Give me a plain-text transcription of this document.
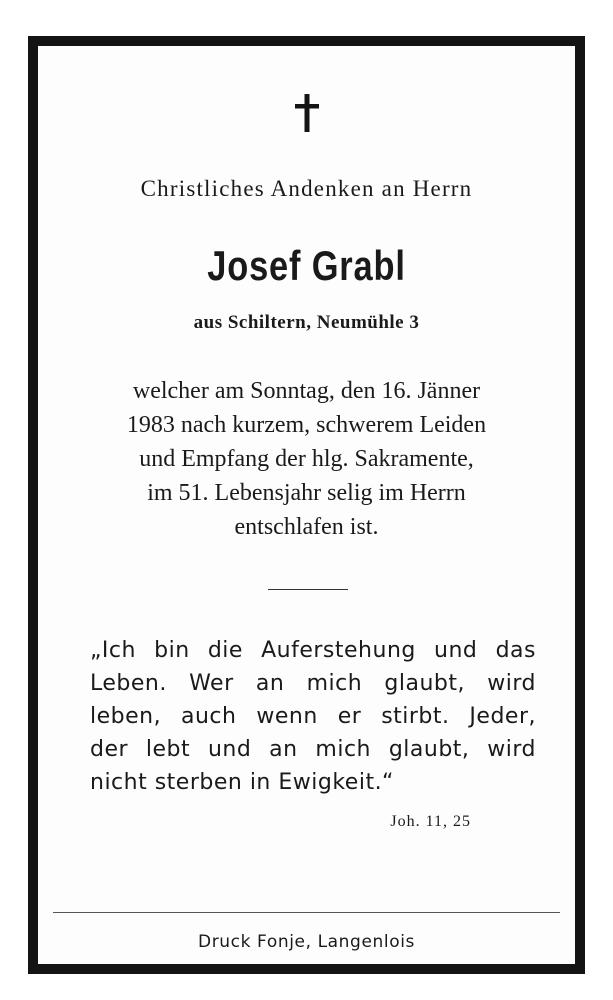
Christliches Andenken an Herrn
Josef Grabl
aus Schiltern, Neumühle 3
welcher am Sonntag, den 16. Jänner
1983 nach kurzem, schwerem Leiden
und Empfang der hlg. Sakramente,
im 51. Lebensjahr selig im Herrn
entschlafen ist.
„Ich bin die Auferstehung und das
Leben. Wer an mich glaubt, wird
leben, auch wenn er stirbt. Jeder,
der lebt und an mich glaubt, wird
nicht sterben in Ewigkeit.“
Joh. 11, 25
Druck Fonje, Langenlois
